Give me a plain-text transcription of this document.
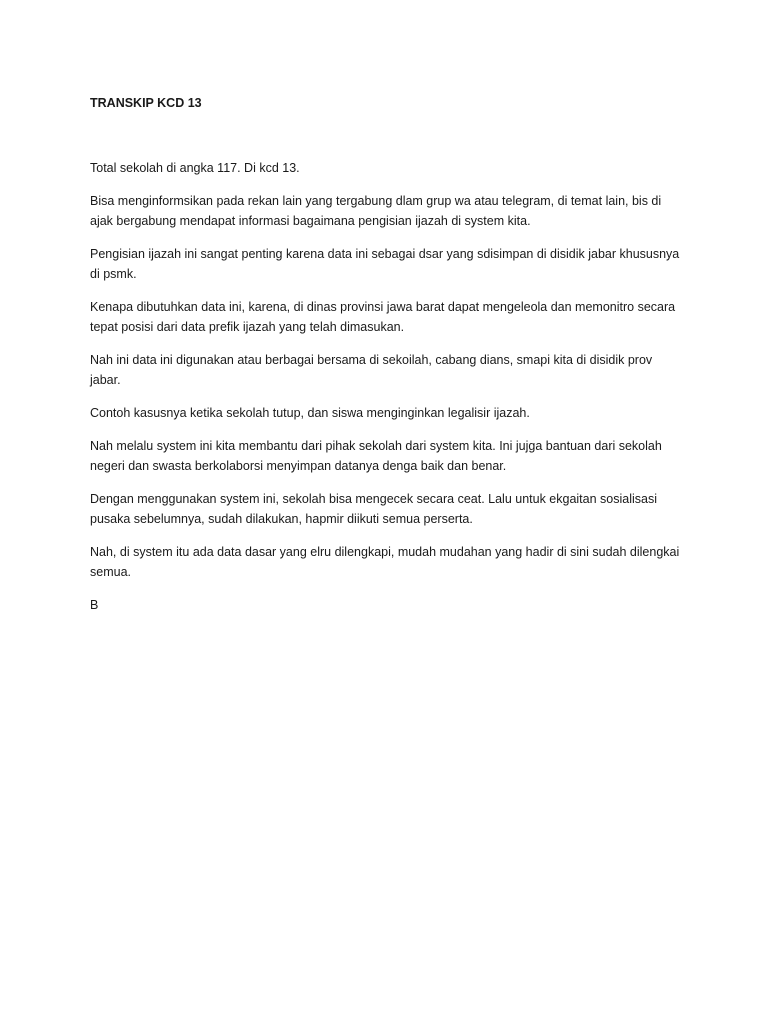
TRANSKIP KCD 13

Total sekolah di angka 117. Di kcd 13.

Bisa menginformsikan pada rekan lain yang tergabung dlam grup wa atau telegram, di temat lain, bis di ajak bergabung mendapat informasi bagaimana pengisian ijazah di system kita.

Pengisian ijazah ini sangat penting karena data ini sebagai dsar yang sdisimpan di disidik jabar khususnya di psmk.

Kenapa dibutuhkan data ini, karena, di dinas provinsi jawa barat dapat mengeleola dan memonitro secara tepat posisi dari data prefik ijazah yang telah dimasukan.

Nah ini data ini digunakan atau berbagai bersama di sekoilah, cabang dians, smapi kita di disidik prov jabar.

Contoh kasusnya ketika sekolah tutup, dan siswa menginginkan legalisir ijazah.

Nah melalu system ini kita membantu dari pihak sekolah dari system kita. Ini jujga bantuan dari sekolah negeri dan swasta berkolaborsi menyimpan datanya denga baik dan benar.

Dengan menggunakan system ini, sekolah bisa mengecek secara ceat. Lalu untuk ekgaitan sosialisasi pusaka sebelumnya, sudah dilakukan, hapmir diikuti semua perserta.

Nah, di system itu ada data dasar yang elru dilengkapi, mudah mudahan yang hadir di sini sudah dilengkai semua.

B
